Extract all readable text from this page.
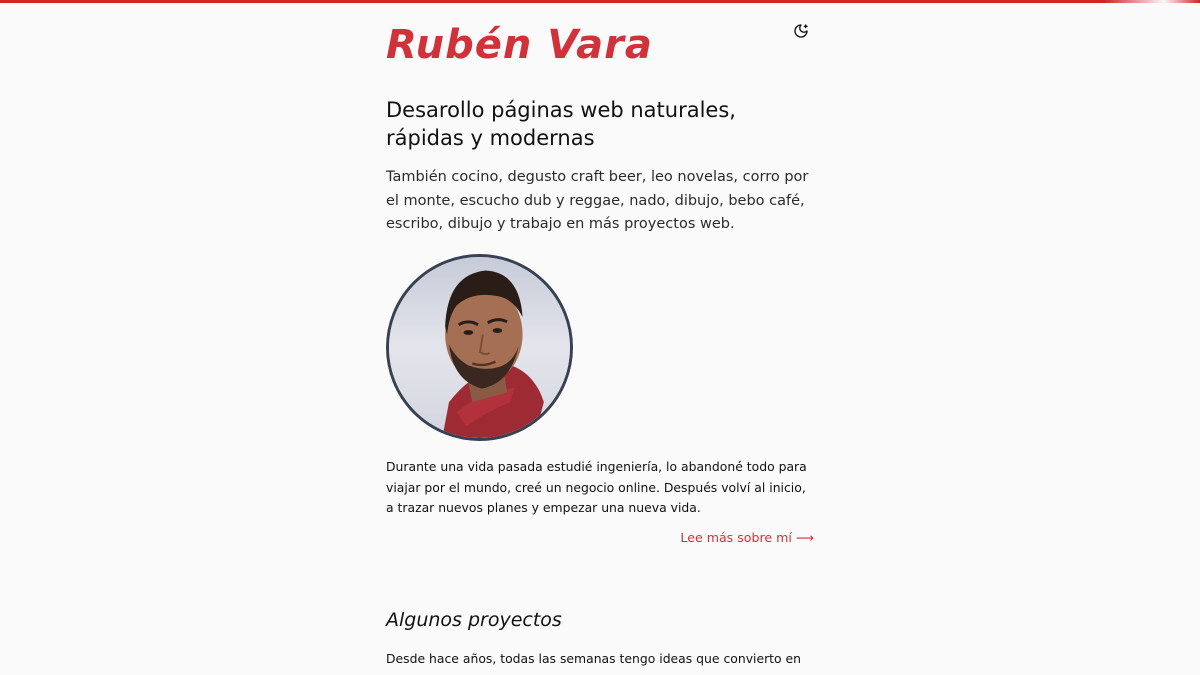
Rubén Vara
Desarollo páginas web naturales, rápidas y modernas

También cocino, degusto craft beer, leo novelas, corro por el monte, escucho dub y reggae, nado, dibujo, bebo café, escribo, dibujo y trabajo en más proyectos web.

Durante una vida pasada estudié ingeniería, lo abandoné todo para viajar por el mundo, creé un negocio online. Después volví al inicio, a trazar nuevos planes y empezar una nueva vida.

Lee más sobre mí ⟶
Algunos proyectos

Desde hace años, todas las semanas tengo ideas que convierto en
